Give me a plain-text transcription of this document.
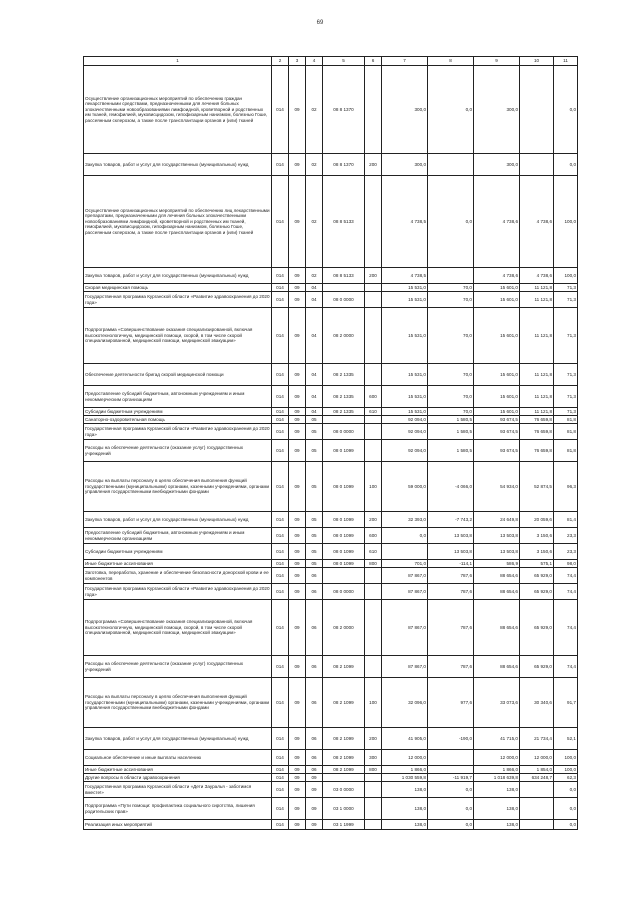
69
1	2	3	4	5	6	7	8	9	10	11
Осуществление организационных мероприятий по обеспечению граждан лекарственными средствами, предназначенными для лечения больных злокачественными новообразованиями лимфоидной, кроветворной и родственных им тканей, гемофилией, муковисцидозом, гипофизарным нанизмом, болезнью Гоше, рассеянным склерозом, а также после трансплантации органов и (или) тканей	014	09	02	08 8 1370		300,0	0,0	300,0		0,0
Закупка товаров, работ и услуг для государственных (муниципальных) нужд	014	09	02	08 8 1370	200	300,0		300,0		0,0
Осуществление организационных мероприятий по обеспечению лиц лекарственными препаратами, предназначенными для лечения больных злокачественными новообразованиями лимфоидной, кроветворной и родственных им тканей, гемофилией, муковисцидозом, гипофизарным нанизмом, болезнью Гоше, рассеянным склерозом, а также после трансплантации органов и (или) тканей	014	09	02	08 8 5133		4 738,5	0,0	4 738,6	4 738,6	100,0
Закупка товаров, работ и услуг для государственных (муниципальных) нужд	014	09	02	08 8 5133	200	4 738,5		4 738,6	4 738,6	100,0
Скорая медицинская помощь	014	09	04			15 531,0	70,0	15 601,0	11 121,8	71,3
Государственная программа Курганской области «Развитие здравоохранения до 2020 года»	014	09	04	08 0 0000		15 531,0	70,0	15 601,0	11 121,8	71,3
Подпрограмма «Совершенствование оказания специализированной, включая высокотехнологичную, медицинской помощи, скорой, в том числе скорой специализированной, медицинской помощи, медицинской эвакуации»	014	09	04	08 2 0000		15 531,0	70,0	15 601,0	11 121,8	71,3
Обеспечение деятельности бригад скорой медицинской помощи	014	09	04	08 2 1335		15 531,0	70,0	15 601,0	11 121,8	71,3
Предоставление субсидий бюджетным, автономным учреждениям и иным некоммерческим организациям	014	09	04	08 2 1335	600	15 531,0	70,0	15 601,0	11 121,8	71,3
Субсидии бюджетным учреждениям	014	09	04	08 2 1335	610	15 531,0	70,0	15 601,0	11 121,8	71,3
Санаторно-оздоровительная помощь	014	09	05			92 094,0	1 580,5	93 674,5	76 659,8	81,8
Государственная программа Курганской области «Развитие здравоохранения до 2020 года»	014	09	05	08 0 0000		92 094,0	1 580,5	93 674,5	76 659,8	81,8
Расходы на обеспечение деятельности (оказание услуг) государственных учреждений	014	09	05	08 0 1099		92 094,0	1 580,5	93 674,5	76 659,8	81,8
Расходы на выплаты персоналу в целях обеспечения выполнения функций государственными (муниципальными) органами, казенными учреждениями, органами управления государственными внебюджетными фондами	014	09	05	08 0 1099	100	59 000,0	-4 066,0	54 934,0	52 874,5	96,3
Закупка товаров, работ и услуг для государственных (муниципальных) нужд	014	09	05	08 0 1099	200	32 393,0	-7 743,2	24 649,8	20 059,6	81,4
Предоставление субсидий бюджетным, автономным учреждениям и иным некоммерческим организациям	014	09	05	08 0 1099	600	0,0	13 503,8	13 503,8	3 150,6	23,3
Субсидии бюджетным учреждениям	014	09	05	08 0 1099	610		13 503,8	13 503,8	3 150,6	23,3
Иные бюджетные ассигнования	014	09	05	08 0 1099	800	701,0	-114,1	586,9	575,1	98,0
Заготовка, переработка, хранение и обеспечение безопасности донорской крови и ее компонентов	014	09	06			87 867,0	787,6	88 654,6	65 929,0	74,4
Государственная программа Курганской области «Развитие здравоохранения до 2020 года»	014	09	06	08 0 0000		87 867,0	787,6	88 654,6	65 929,0	74,4
Подпрограмма «Совершенствование оказания специализированной, включая высокотехнологичную, медицинской помощи, скорой, в том числе скорой специализированной, медицинской помощи, медицинской эвакуации»	014	09	06	08 2 0000		87 867,0	787,6	88 654,6	65 929,0	74,4
Расходы на обеспечение деятельности (оказание услуг) государственных учреждений	014	09	06	08 2 1099		87 867,0	787,6	88 654,6	65 929,0	74,4
Расходы на выплаты персоналу в целях обеспечения выполнения функций государственными (муниципальными) органами, казенными учреждениями, органами управления государственными внебюджетными фондами	014	09	06	08 2 1099	100	32 096,0	977,6	33 073,6	30 340,6	91,7
Закупка товаров, работ и услуг для государственных (муниципальных) нужд	014	09	06	08 2 1099	200	41 905,0	-190,0	41 715,0	21 734,4	52,1
Социальное обеспечение и иные выплаты населению	014	09	06	08 2 1099	300	12 000,0		12 000,0	12 000,0	100,0
Иные бюджетные ассигнования	014	09	06	08 2 1099	800	1 866,0		1 866,0	1 854,0	100,0
Другие вопросы в области здравоохранения	014	09	09			1 030 559,8	-11 919,7	1 018 639,8	634 248,7	62,3
Государственная программа Курганской области «Дети Зауралья - заботимся вместе!»	014	09	09	03 0 0000		138,0	0,0	138,0		0,0
Подпрограмма «Пути помощи: профилактика социального сиротства, лишения родительских прав»	014	09	09	03 1 0000		138,0	0,0	138,0		0,0
Реализация иных мероприятий	014	09	09	03 1 1999		138,0	0,0	138,0		0,0
